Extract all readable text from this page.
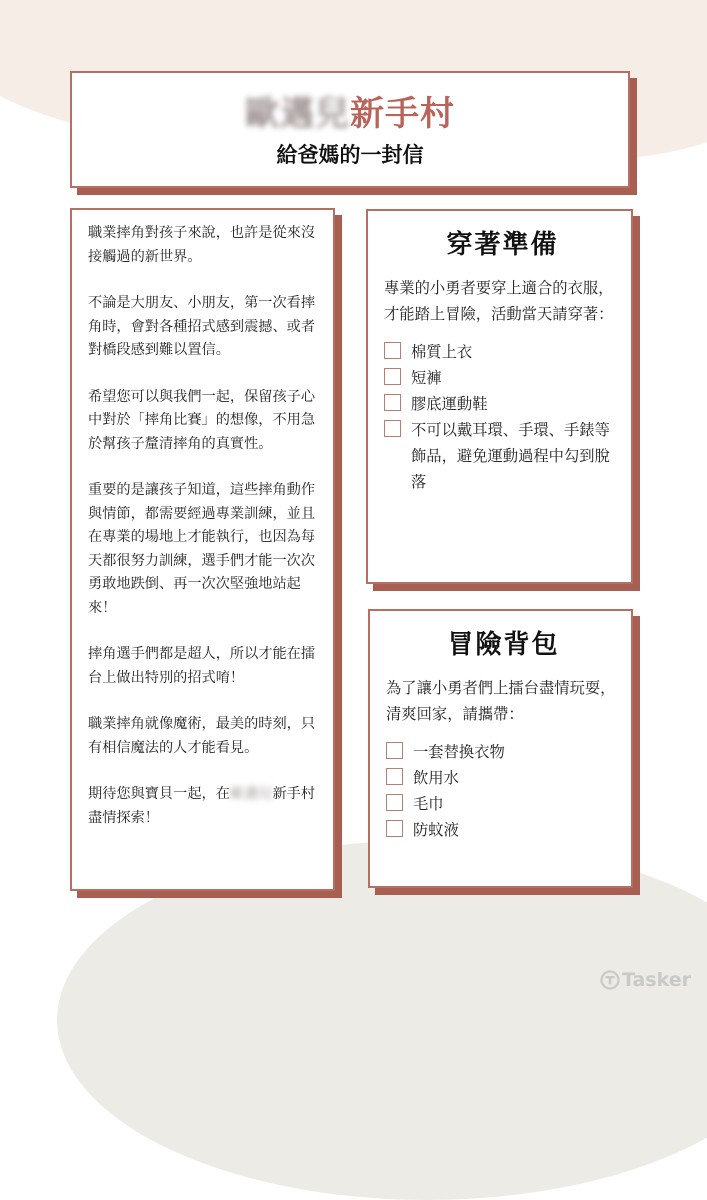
歐邁兒新手村
給爸媽的一封信

職業摔角對孩子來說，也許是從來沒接觸過的新世界。

不論是大朋友、小朋友，第一次看摔角時，會對各種招式感到震撼、或者對橋段感到難以置信。

希望您可以與我們一起，保留孩子心中對於「摔角比賽」的想像，不用急於幫孩子釐清摔角的真實性。

重要的是讓孩子知道，這些摔角動作與情節，都需要經過專業訓練，並且在專業的場地上才能執行，也因為每天都很努力訓練，選手們才能一次次勇敢地跌倒、再一次次堅強地站起來！

摔角選手們都是超人，所以才能在擂台上做出特別的招式唷！

職業摔角就像魔術，最美的時刻，只有相信魔法的人才能看見。

期待您與寶貝一起，在歐邁兒新手村盡情探索！

穿著準備

專業的小勇者要穿上適合的衣服，才能踏上冒險，活動當天請穿著：

棉質上衣
短褲
膠底運動鞋
不可以戴耳環、手環、手錶等飾品，避免運動過程中勾到脫落
冒險背包

為了讓小勇者們上擂台盡情玩耍，清爽回家，請攜帶：

一套替換衣物
飲用水
毛巾
防蚊液
Tasker
